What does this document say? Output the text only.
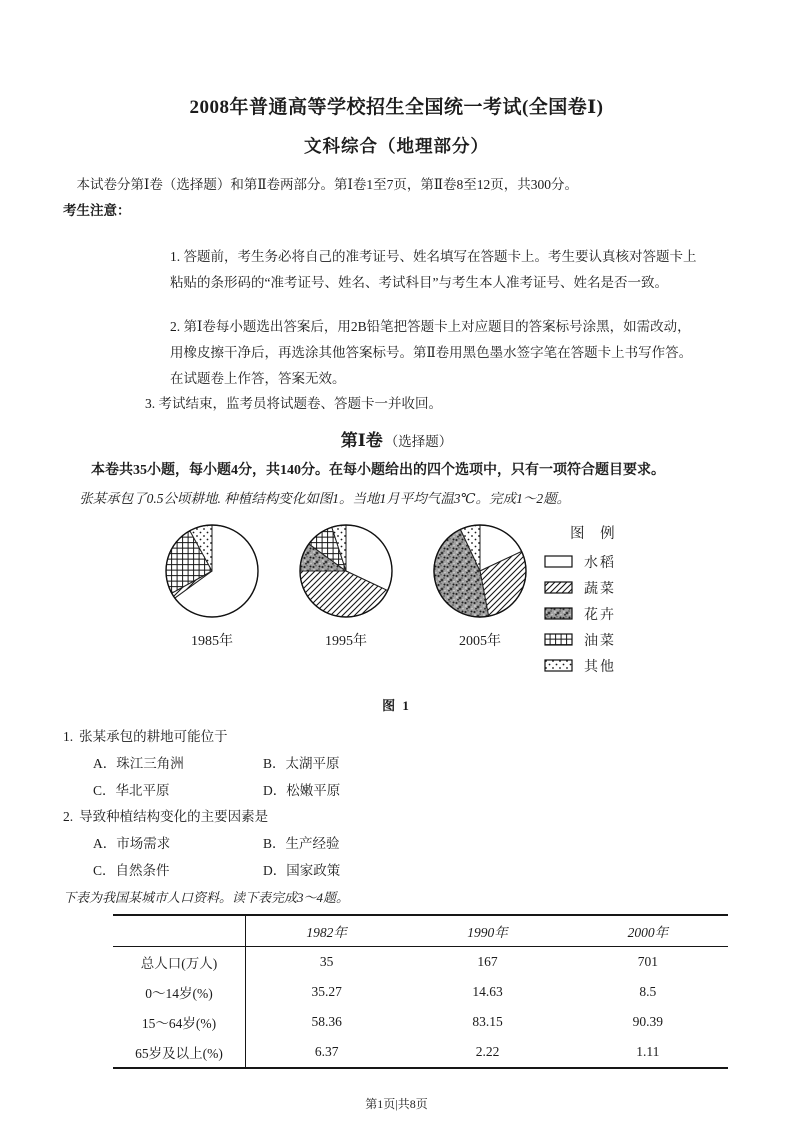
2008年普通高等学校招生全国统一考试(全国卷Ⅰ)
文科综合（地理部分）

本试卷分第Ⅰ卷（选择题）和第Ⅱ卷两部分。第Ⅰ卷1至7页，第Ⅱ卷8至12页，共300分。

考生注意：

1. 答题前，考生务必将自己的准考证号、姓名填写在答题卡上。考生要认真核对答题卡上粘贴的条形码的“准考证号、姓名、考试科目”与考生本人准考证号、姓名是否一致。

2. 第Ⅰ卷每小题选出答案后，用2B铅笔把答题卡上对应题目的答案标号涂黑，如需改动，用橡皮擦干净后，再选涂其他答案标号。第Ⅱ卷用黑色墨水签字笔在答题卡上书写作答。在试题卷上作答，答案无效。

3. 考试结束，监考员将试题卷、答题卡一并收回。

第Ⅰ卷 （选择题）

本卷共35小题，每小题4分，共140分。在每小题给出的四个选项中，只有一项符合题目要求。

张某承包了0.5公顷耕地. 种植结构变化如图1。当地1月平均气温3℃。完成1～2题。

1985年	1995年	2005年
图 例
水稻
蔬菜
花卉
油菜
其他
图 1
1. 张某承包的耕地可能位于
A．珠江三角洲	B．太湖平原
C．华北平原	D．松嫩平原
2. 导致种植结构变化的主要因素是
A．市场需求	B．生产经验
C．自然条件	D．国家政策

下表为我国某城市人口资料。读下表完成3～4题。

	1982年	1990年	2000年
总人口(万人)	35	167	701
0～14岁(%)	35.27	14.63	8.5
15～64岁(%)	58.36	83.15	90.39
65岁及以上(%)	6.37	2.22	1.11
第1页|共8页
